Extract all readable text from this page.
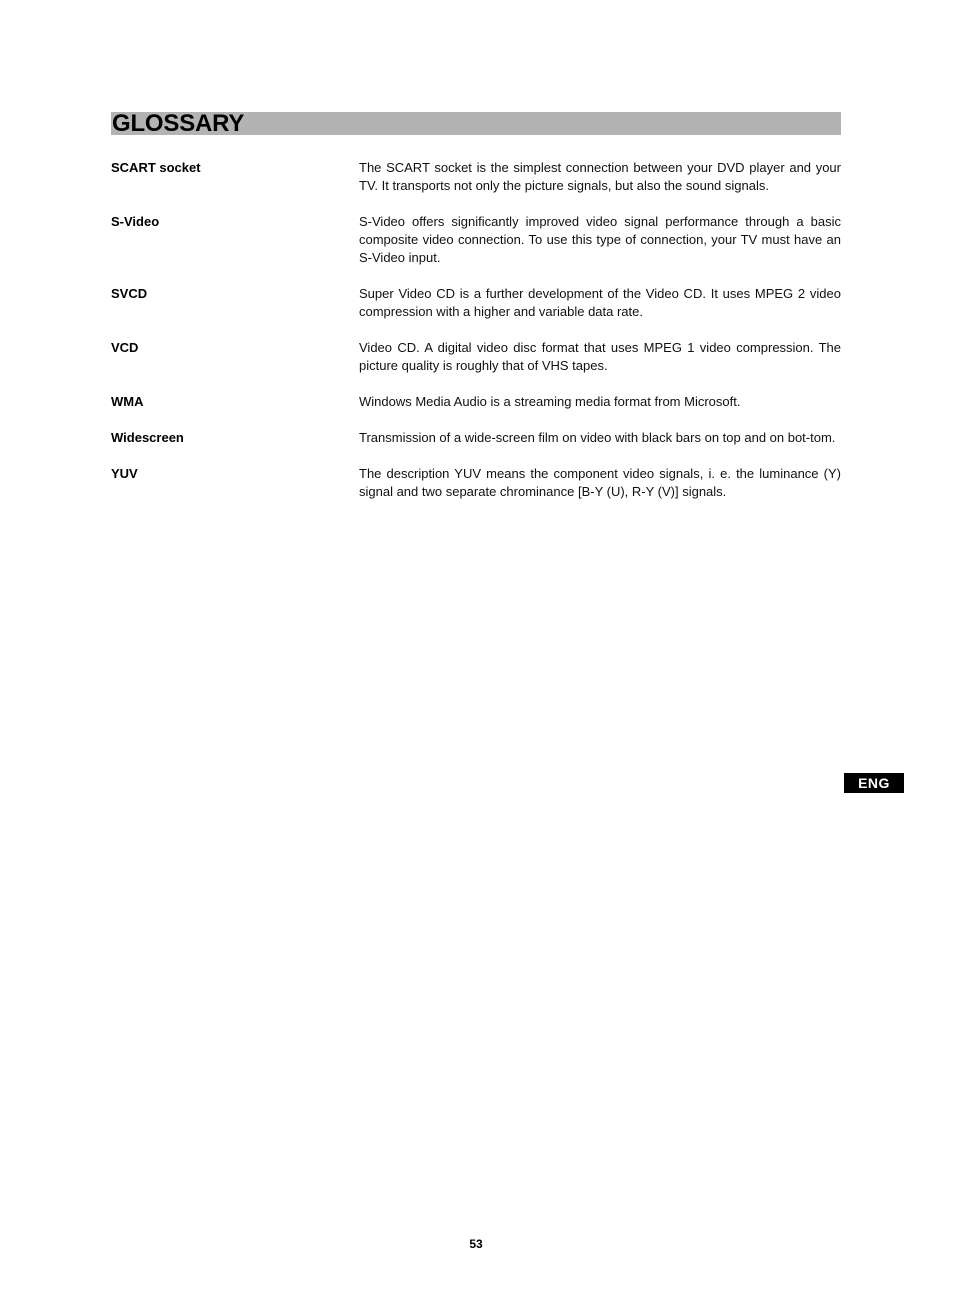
GLOSSARY
SCART socket	The SCART socket is the simplest connection between your DVD player and your TV. It transports not only the picture signals, but also the sound signals.
S-Video	S-Video offers significantly improved video signal performance through a basic composite video connection. To use this type of connection, your TV must have an S-Video input.
SVCD	Super Video CD is a further development of the Video CD. It uses MPEG 2 video compression with a higher and variable data rate.
VCD	Video CD. A digital video disc format that uses MPEG 1 video compression. The picture quality is roughly that of VHS tapes.
WMA	Windows Media Audio is a streaming media format from Microsoft.
Widescreen	Transmission of a wide-screen film on video with black bars on top and on bot-tom.
YUV	The description YUV means the component video signals, i. e. the luminance (Y) signal and two separate chrominance [B-Y (U), R-Y (V)] signals.
ENG
53
